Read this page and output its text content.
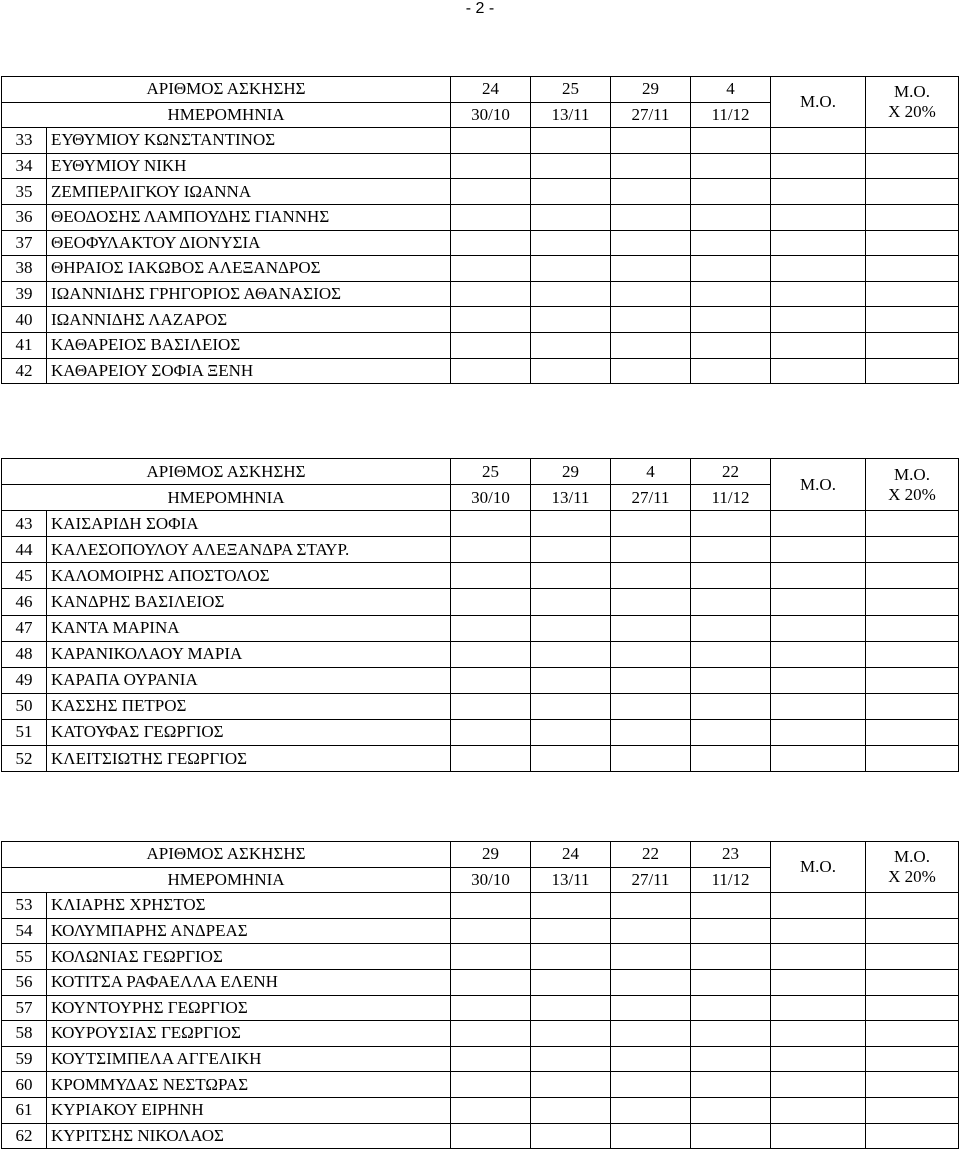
- 2 -
ΑΡΙΘΜΟΣ ΑΣΚΗΣΗΣ		24	25	29	4	Μ.Ο.	Μ.Ο.
Χ 20%

ΗΜΕΡΟΜΗΝΙΑ		30/10	13/11	27/11	11/12		
33	ΕΥΘΥΜΙΟΥ ΚΩΝΣΤΑΝΤΙΝΟΣ						
34	ΕΥΘΥΜΙΟΥ ΝΙΚΗ						
35	ΖΕΜΠΕΡΛΙΓΚΟΥ ΙΩΑΝΝΑ						
36	ΘΕΟΔΟΣΗΣ ΛΑΜΠΟΥΔΗΣ ΓΙΑΝΝΗΣ						
37	ΘΕΟΦΥΛΑΚΤΟΥ ΔΙΟΝΥΣΙΑ						
38	ΘΗΡΑΙΟΣ ΙΑΚΩΒΟΣ ΑΛΕΞΑΝΔΡΟΣ						
39	ΙΩΑΝΝΙΔΗΣ ΓΡΗΓΟΡΙΟΣ ΑΘΑΝΑΣΙΟΣ						
40	ΙΩΑΝΝΙΔΗΣ ΛΑΖΑΡΟΣ						
41	ΚΑΘΑΡΕΙΟΣ ΒΑΣΙΛΕΙΟΣ						
42	ΚΑΘΑΡΕΙΟΥ ΣΟΦΙΑ ΞΕΝΗ						
ΑΡΙΘΜΟΣ ΑΣΚΗΣΗΣ		25	29	4	22	Μ.Ο.	Μ.Ο.
Χ 20%

ΗΜΕΡΟΜΗΝΙΑ		30/10	13/11	27/11	11/12		
43	ΚΑΙΣΑΡΙΔΗ ΣΟΦΙΑ						
44	ΚΑΛΕΣΟΠΟΥΛΟΥ ΑΛΕΞΑΝΔΡΑ ΣΤΑΥΡ.						
45	ΚΑΛΟΜΟΙΡΗΣ ΑΠΟΣΤΟΛΟΣ						
46	ΚΑΝΔΡΗΣ ΒΑΣΙΛΕΙΟΣ						
47	ΚΑΝΤΑ ΜΑΡΙΝΑ						
48	ΚΑΡΑΝΙΚΟΛΑΟΥ ΜΑΡΙΑ						
49	ΚΑΡΑΠΑ ΟΥΡΑΝΙΑ						
50	ΚΑΣΣΗΣ ΠΕΤΡΟΣ						
51	ΚΑΤΟΥΦΑΣ ΓΕΩΡΓΙΟΣ						
52	ΚΛΕΙΤΣΙΩΤΗΣ ΓΕΩΡΓΙΟΣ						
ΑΡΙΘΜΟΣ ΑΣΚΗΣΗΣ		29	24	22	23	Μ.Ο.	Μ.Ο.
Χ 20%

ΗΜΕΡΟΜΗΝΙΑ		30/10	13/11	27/11	11/12		
53	ΚΛΙΑΡΗΣ ΧΡΗΣΤΟΣ						
54	ΚΟΛΥΜΠΑΡΗΣ ΑΝΔΡΕΑΣ						
55	ΚΟΛΩΝΙΑΣ ΓΕΩΡΓΙΟΣ						
56	ΚΟΤΙΤΣΑ ΡΑΦΑΕΛΛΑ ΕΛΕΝΗ						
57	ΚΟΥΝΤΟΥΡΗΣ ΓΕΩΡΓΙΟΣ						
58	ΚΟΥΡΟΥΣΙΑΣ ΓΕΩΡΓΙΟΣ						
59	ΚΟΥΤΣΙΜΠΕΛΑ ΑΓΓΕΛΙΚΗ						
60	ΚΡΟΜΜΥΔΑΣ ΝΕΣΤΩΡΑΣ						
61	ΚΥΡΙΑΚΟΥ ΕΙΡΗΝΗ						
62	ΚΥΡΙΤΣΗΣ ΝΙΚΟΛΑΟΣ						
